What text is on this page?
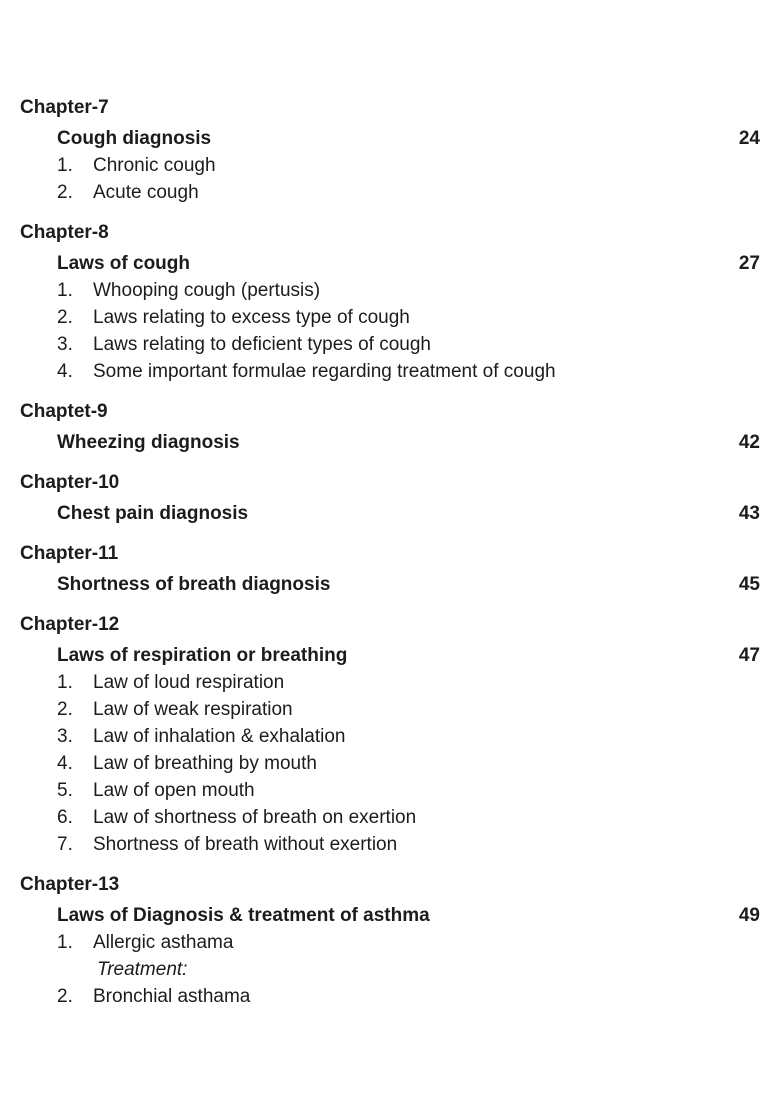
Chapter-7
Cough diagnosis	24
1. Chronic cough
2. Acute cough
Chapter-8
Laws of cough	27
1. Whooping cough (pertusis)
2. Laws relating to excess type of cough
3. Laws relating to deficient types of cough
4. Some important formulae regarding treatment of cough
Chaptet-9
Wheezing diagnosis	42
Chapter-10
Chest pain diagnosis	43
Chapter-11
Shortness of breath diagnosis	45
Chapter-12
Laws of respiration or breathing	47
1. Law of loud respiration
2. Law of weak respiration
3. Law of inhalation & exhalation
4. Law of breathing by mouth
5. Law of open mouth
6. Law of shortness of breath on exertion
7. Shortness of breath without exertion
Chapter-13
Laws of Diagnosis & treatment of asthma	49
1. Allergic asthama
Treatment:
2. Bronchial asthama
